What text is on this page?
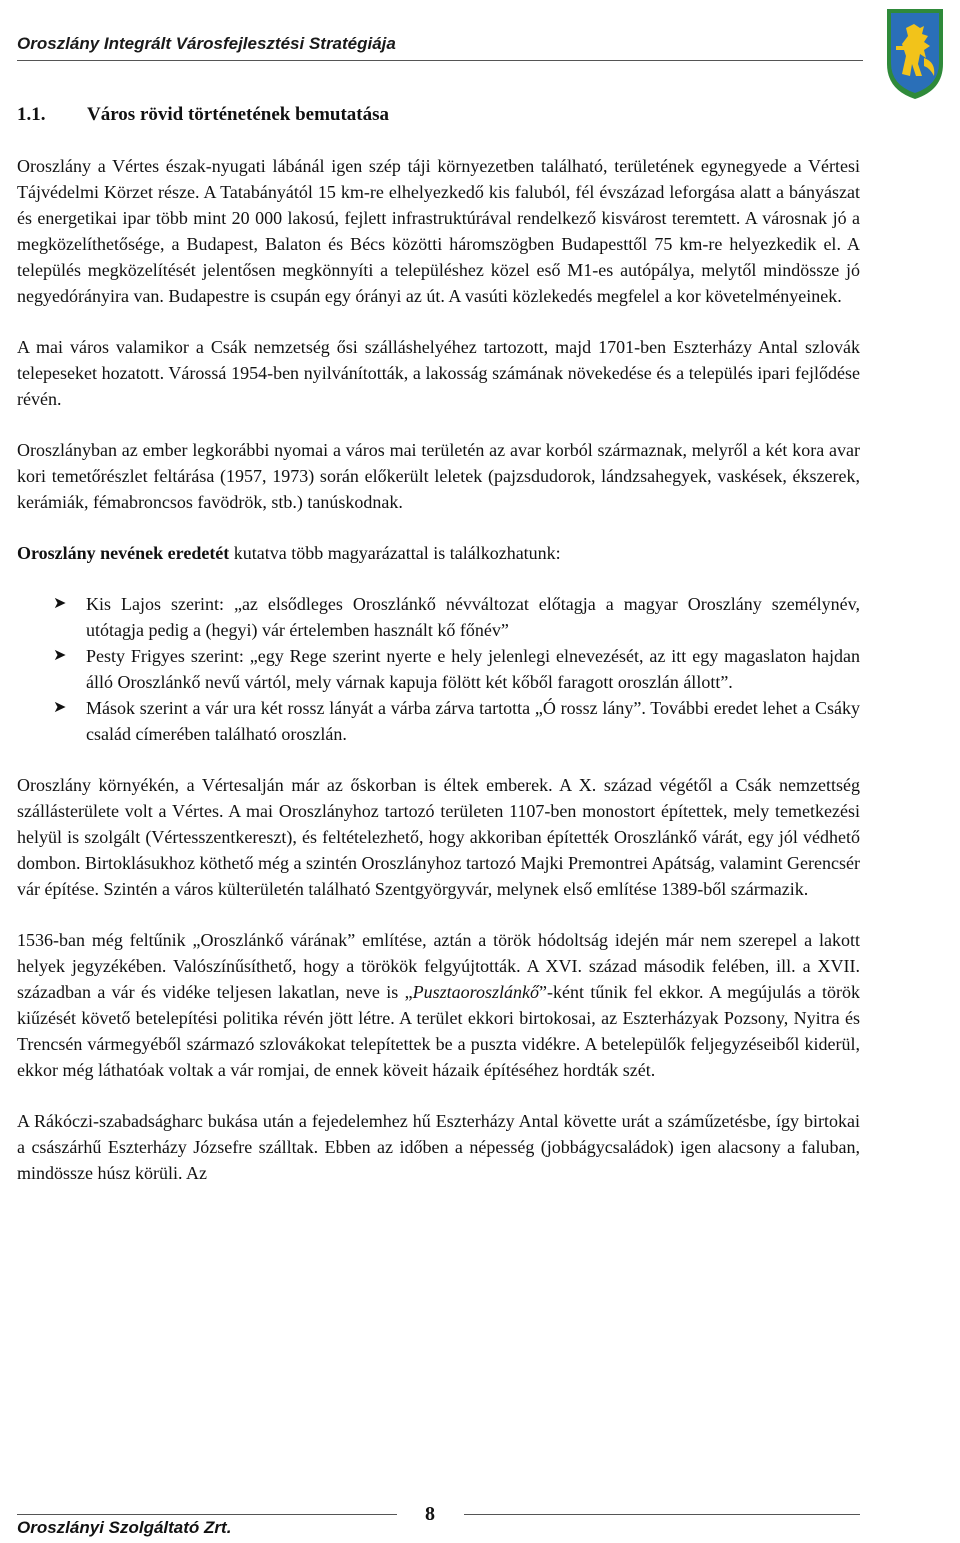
Oroszlány Integrált Városfejlesztési Stratégiája
1.1. Város rövid történetének bemutatása

Oroszlány a Vértes észak-nyugati lábánál igen szép táji környezetben található, területének egynegyede a Vértesi Tájvédelmi Körzet része. A Tatabányától 15 km-re elhelyezkedő kis faluból, fél évszázad leforgása alatt a bányászat és energetikai ipar több mint 20 000 lakosú, fejlett infrastruktúrával rendelkező kisvárost teremtett. A városnak jó a megközelíthetősége, a Budapest, Balaton és Bécs közötti háromszögben Budapesttől 75 km-re helyezkedik el. A település megközelítését jelentősen megkönnyíti a településhez közel eső M1-es autópálya, melytől mindössze jó negyedórányira van. Budapestre is csupán egy órányi az út. A vasúti közlekedés megfelel a kor követelményeinek.

A mai város valamikor a Csák nemzetség ősi szálláshelyéhez tartozott, majd 1701-ben Eszterházy Antal szlovák telepeseket hozatott. Várossá 1954-ben nyilvánították, a lakosság számának növekedése és a település ipari fejlődése révén.

Oroszlányban az ember legkorábbi nyomai a város mai területén az avar korból származnak, melyről a két kora avar kori temetőrészlet feltárása (1957, 1973) során előkerült leletek (pajzsdudorok, lándzsahegyek, vaskések, ékszerek, kerámiák, fémabroncsos favödrök, stb.) tanúskodnak.

Oroszlány nevének eredetét kutatva több magyarázattal is találkozhatunk:

➤ Kis Lajos szerint: „az elsődleges Oroszlánkő névváltozat előtagja a magyar Oroszlány személynév, utótagja pedig a (hegyi) vár értelemben használt kő főnév”
➤ Pesty Frigyes szerint: „egy Rege szerint nyerte e hely jelenlegi elnevezését, az itt egy magaslaton hajdan álló Oroszlánkő nevű vártól, mely várnak kapuja fölött két kőből faragott oroszlán állott”.
➤ Mások szerint a vár ura két rossz lányát a várba zárva tartotta „Ó rossz lány”. További eredet lehet a Csáky család címerében található oroszlán.

Oroszlány környékén, a Vértesalján már az őskorban is éltek emberek. A X. század végétől a Csák nemzettség szállásterülete volt a Vértes. A mai Oroszlányhoz tartozó területen 1107-ben monostort építettek, mely temetkezési helyül is szolgált (Vértesszentkereszt), és feltételezhető, hogy akkoriban építették Oroszlánkő várát, egy jól védhető dombon. Birtoklásukhoz köthető még a szintén Oroszlányhoz tartozó Majki Premontrei Apátság, valamint Gerencsér vár építése. Szintén a város külterületén található Szentgyörgyvár, melynek első említése 1389-ből származik.

1536-ban még feltűnik „Oroszlánkő várának” említése, aztán a török hódoltság idején már nem szerepel a lakott helyek jegyzékében. Valószínűsíthető, hogy a törökök felgyújtották. A XVI. század második felében, ill. a XVII. században a vár és vidéke teljesen lakatlan, neve is „Pusztaoroszlánkő”-ként tűnik fel ekkor. A megújulás a török kiűzését követő betelepítési politika révén jött létre. A terület ekkori birtokosai, az Eszterházyak Pozsony, Nyitra és Trencsén vármegyéből származó szlovákokat telepítettek be a puszta vidékre. A betelepülők feljegyzéseiből kiderül, ekkor még láthatóak voltak a vár romjai, de ennek köveit házaik építéséhez hordták szét.

A Rákóczi-szabadságharc bukása után a fejedelemhez hű Eszterházy Antal követte urát a száműzetésbe, így birtokai a császárhű Eszterházy Józsefre szálltak. Ebben az időben a népesség (jobbágycsaládok) igen alacsony a faluban, mindössze húsz körüli. Az

8
Oroszlányi Szolgáltató Zrt.
